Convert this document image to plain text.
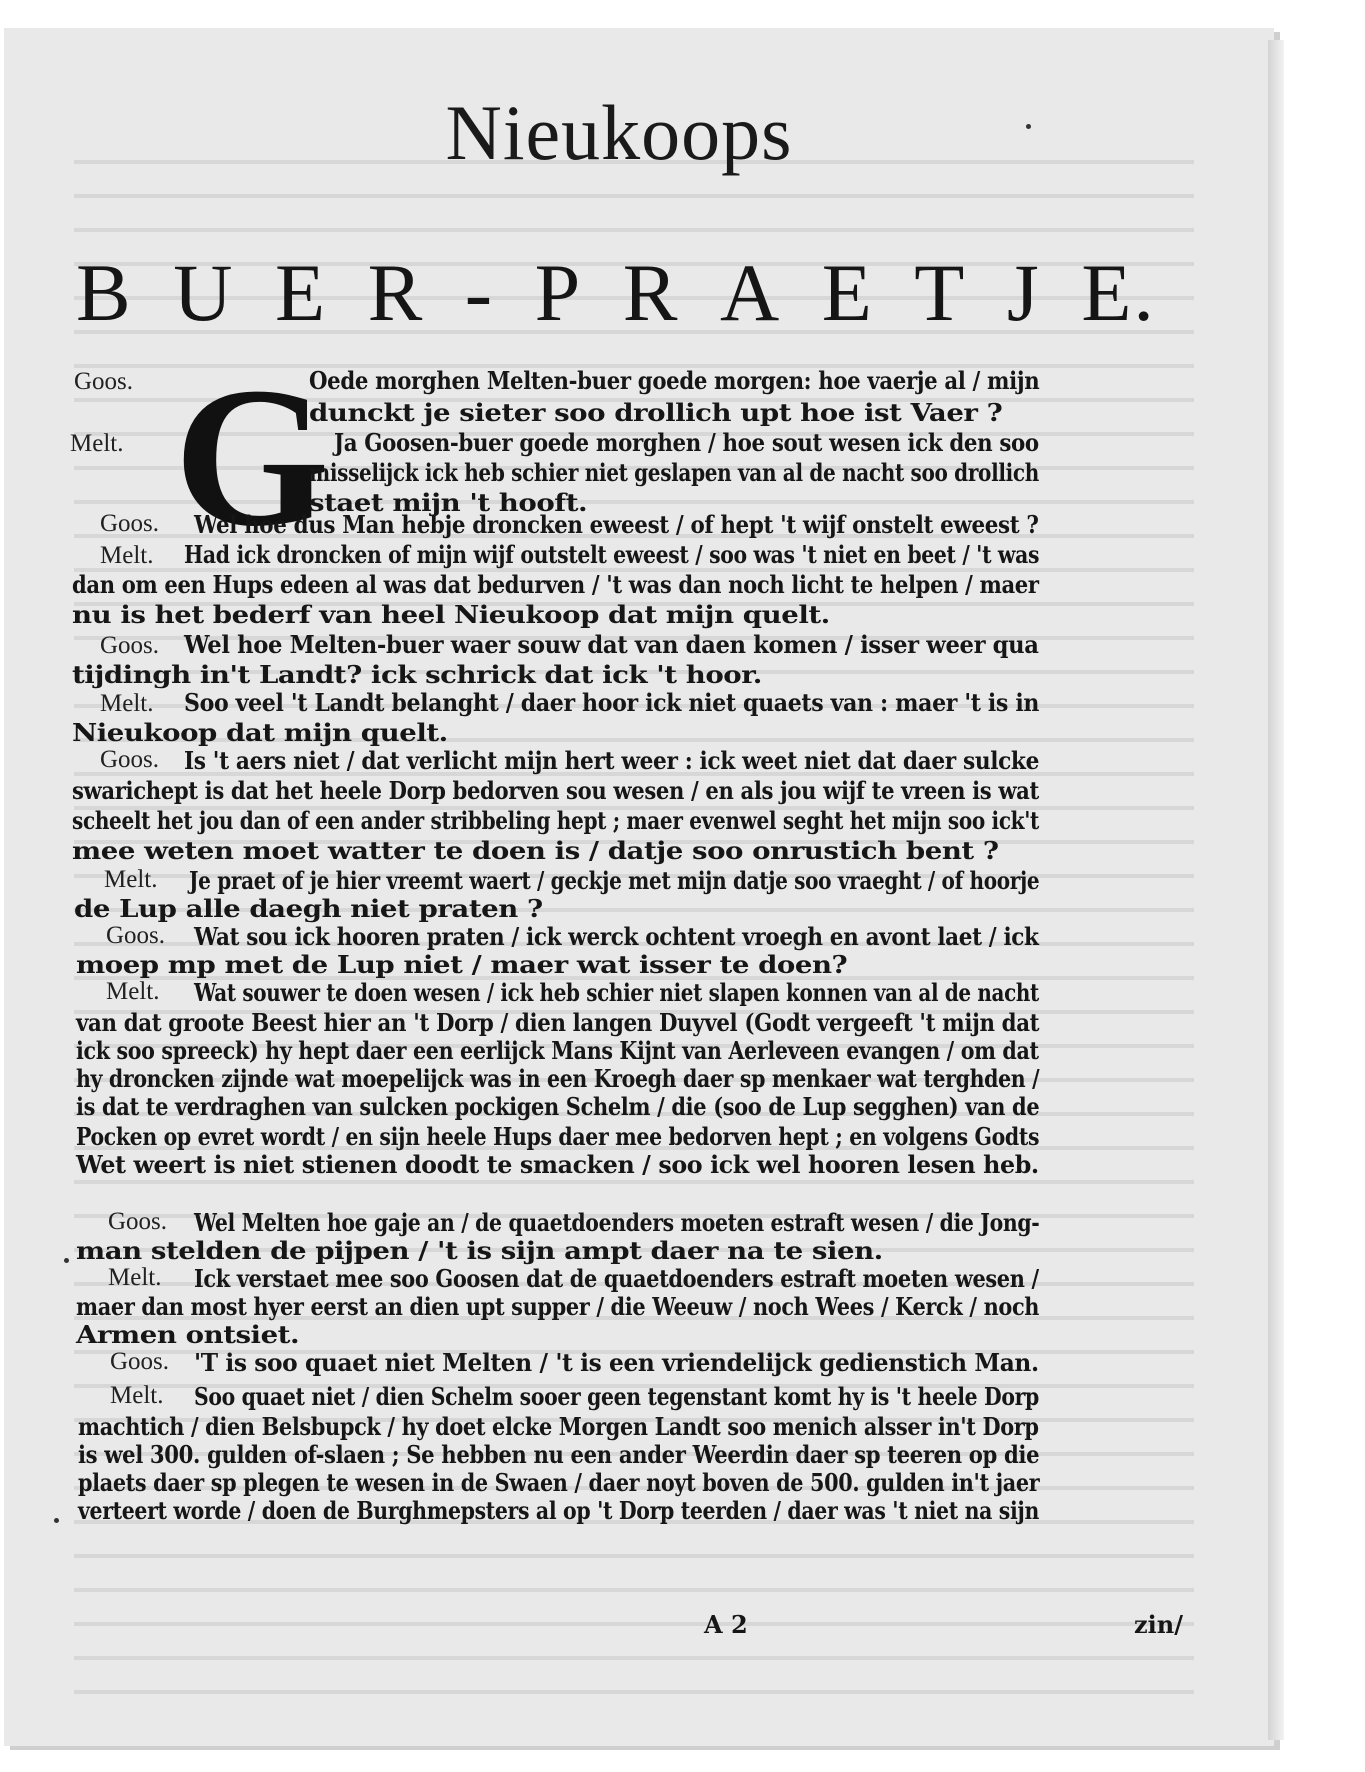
Nieukoops
B U E R - P R A E T J E.
G
Goos.
Melt.
Goos.
Melt.
Goos.
Melt.
Goos.
Melt.
Goos.
Melt.
Goos.
Melt.
Goos.
Melt.
Oede morghen Melten-buer goede morgen: hoe vaerje al / mijn
dunckt je sieter soo drollich upt hoe ist Vaer ?
Ja Goosen-buer goede morghen / hoe sout wesen ick den soo
misselijck ick heb schier niet geslapen van al de nacht soo drollich
staet mijn 't hooft.
Wel hoe dus Man hebje droncken eweest / of hept 't wijf onstelt eweest ?
Had ick droncken of mijn wijf outstelt eweest / soo was 't niet en beet / 't was
dan om een Hups edeen al was dat bedurven / 't was dan noch licht te helpen / maer
nu is het bederf van heel Nieukoop dat mijn quelt.
Wel hoe Melten-buer waer souw dat van daen komen / isser weer qua
tijdingh in't Landt? ick schrick dat ick 't hoor.
Soo veel 't Landt belanght / daer hoor ick niet quaets van : maer 't is in
Nieukoop dat mijn quelt.
Is 't aers niet / dat verlicht mijn hert weer : ick weet niet dat daer sulcke
swarichept is dat het heele Dorp bedorven sou wesen / en als jou wijf te vreen is wat
scheelt het jou dan of een ander stribbeling hept ; maer evenwel seght het mijn soo ick't
mee weten moet watter te doen is / datje soo onrustich bent ?
Je praet of je hier vreemt waert / geckje met mijn datje soo vraeght / of hoorje
de Lup alle daegh niet praten ?
Wat sou ick hooren praten / ick werck ochtent vroegh en avont laet / ick
moep mp met de Lup niet / maer wat isser te doen?
Wat souwer te doen wesen / ick heb schier niet slapen konnen van al de nacht
van dat groote Beest hier an 't Dorp / dien langen Duyvel (Godt vergeeft 't mijn dat
ick soo spreeck) hy hept daer een eerlijck Mans Kijnt van Aerleveen evangen / om dat
hy droncken zijnde wat moepelijck was in een Kroegh daer sp menkaer wat terghden /
is dat te verdraghen van sulcken pockigen Schelm / die (soo de Lup segghen) van de
Pocken op evret wordt / en sijn heele Hups daer mee bedorven hept ; en volgens Godts
Wet weert is niet stienen doodt te smacken / soo ick wel hooren lesen heb.
Wel Melten hoe gaje an / de quaetdoenders moeten estraft wesen / die Jong-
man stelden de pijpen / 't is sijn ampt daer na te sien.
Ick verstaet mee soo Goosen dat de quaetdoenders estraft moeten wesen /
maer dan most hyer eerst an dien upt supper / die Weeuw / noch Wees / Kerck / noch
Armen ontsiet.
'T is soo quaet niet Melten / 't is een vriendelijck gedienstich Man.
Soo quaet niet / dien Schelm sooer geen tegenstant komt hy is 't heele Dorp
machtich / dien Belsbupck / hy doet elcke Morgen Landt soo menich alsser in't Dorp
is wel 300. gulden of-slaen ; Se hebben nu een ander Weerdin daer sp teeren op die
plaets daer sp plegen te wesen in de Swaen / daer noyt boven de 500. gulden in't jaer
verteert worde / doen de Burghmepsters al op 't Dorp teerden / daer was 't niet na sijn
A 2	zin/
